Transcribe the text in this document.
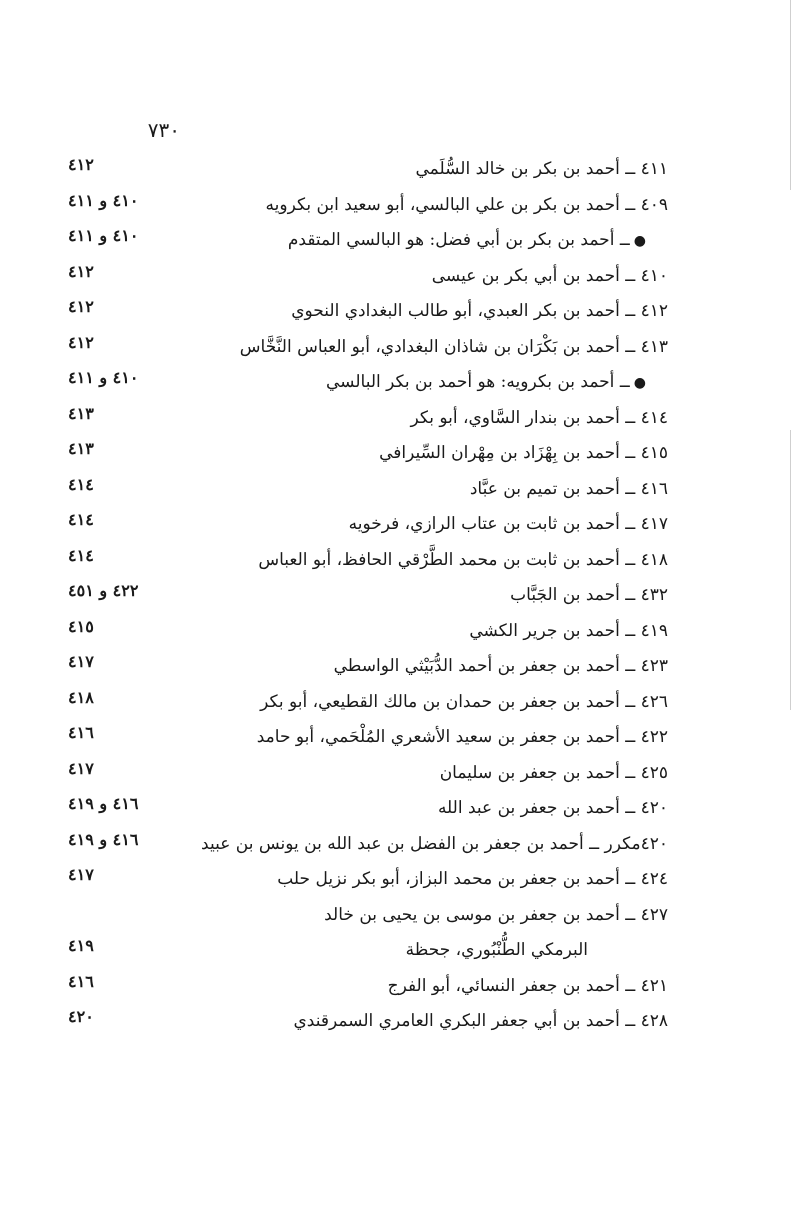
٧٣٠
٤١١ ــ أحمد بن بكر بن خالد السُّلَمي
٤١٢
٤٠٩ ــ أحمد بن بكر بن علي البالسي، أبو سعيد ابن بكرويه
٤١٠ و ٤١١
●ــ أحمد بن بكر بن أبي فضل: هو البالسي المتقدم
٤١٠ و ٤١١
٤١٠ ــ أحمد بن أبي بكر بن عيسى
٤١٢
٤١٢ ــ أحمد بن بكر العبدي، أبو طالب البغدادي النحوي
٤١٢
٤١٣ ــ أحمد بن بَكْرَان بن شاذان البغدادي، أبو العباس النَّخَّاس
٤١٢
●ــ أحمد بن بكرويه: هو أحمد بن بكر البالسي
٤١٠ و ٤١١
٤١٤ ــ أحمد بن بندار السَّاوي، أبو بكر
٤١٣
٤١٥ ــ أحمد بن بِهْزَاد بن مِهْران السِّيرافي
٤١٣
٤١٦ ــ أحمد بن تميم بن عبَّاد
٤١٤
٤١٧ ــ أحمد بن ثابت بن عتاب الرازي، فرخويه
٤١٤
٤١٨ ــ أحمد بن ثابت بن محمد الطَّرْقي الحافظ، أبو العباس
٤١٤
٤٣٢ ــ أحمد بن الجَبَّاب
٤٢٢ و ٤٥١
٤١٩ ــ أحمد بن جرير الكشي
٤١٥
٤٢٣ ــ أحمد بن جعفر بن أحمد الدُّبَيْثي الواسطي
٤١٧
٤٢٦ ــ أحمد بن جعفر بن حمدان بن مالك القطيعي، أبو بكر
٤١٨
٤٢٢ ــ أحمد بن جعفر بن سعيد الأشعري المُلْحَمي، أبو حامد
٤١٦
٤٢٥ ــ أحمد بن جعفر بن سليمان
٤١٧
٤٢٠ ــ أحمد بن جعفر بن عبد الله
٤١٦ و ٤١٩
٤٢٠مكرر ــ أحمد بن جعفر بن الفضل بن عبد الله بن يونس بن عبيد
٤١٦ و ٤١٩
٤٢٤ ــ أحمد بن جعفر بن محمد البزاز، أبو بكر نزيل حلب
٤١٧
٤٢٧ ــ أحمد بن جعفر بن موسى بن يحيى بن خالد
البرمكي الطُّنْبُوري، جحظة
٤١٩
٤٢١ ــ أحمد بن جعفر النسائي، أبو الفرج
٤١٦
٤٢٨ ــ أحمد بن أبي جعفر البكري العامري السمرقندي
٤٢٠
